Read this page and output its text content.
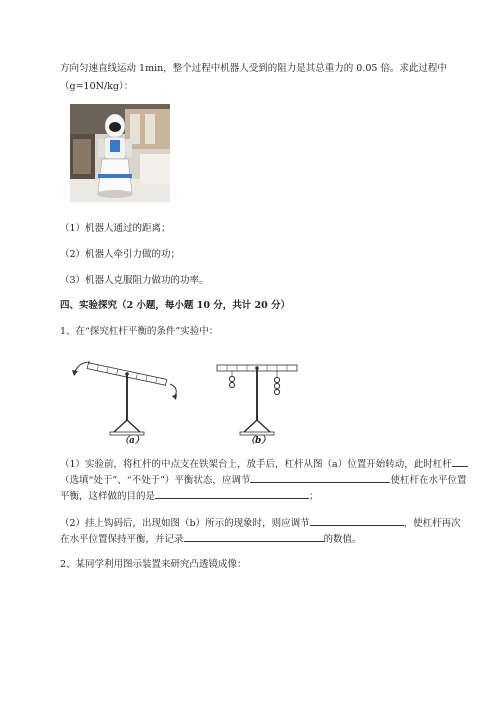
方向匀速直线运动 1min，整个过程中机器人受到的阻力是其总重力的 0.05 倍。求此过程中
（g=10N/kg）：
（1）机器人通过的距离；
（2）机器人牵引力做的功；
（3）机器人克服阻力做功的功率。
四、实验探究（2 小题，每小题 10 分，共计 20 分）
1、在“探究杠杆平衡的条件”实验中：
（a）	（b）
（1）实验前，将杠杆的中点支在铁架台上，放手后，杠杆从图（a）位置开始转动，此时杠杆
（选填“处于”、“不处于”）平衡状态，应调节	使杠杆在水平位置
平衡，这样做的目的是	；
（2）挂上钩码后，出现如图（b）所示的现象时，则应调节	，使杠杆再次
在水平位置保持平衡，并记录	的数值。
2、某同学利用图示装置来研究凸透镜成像：
